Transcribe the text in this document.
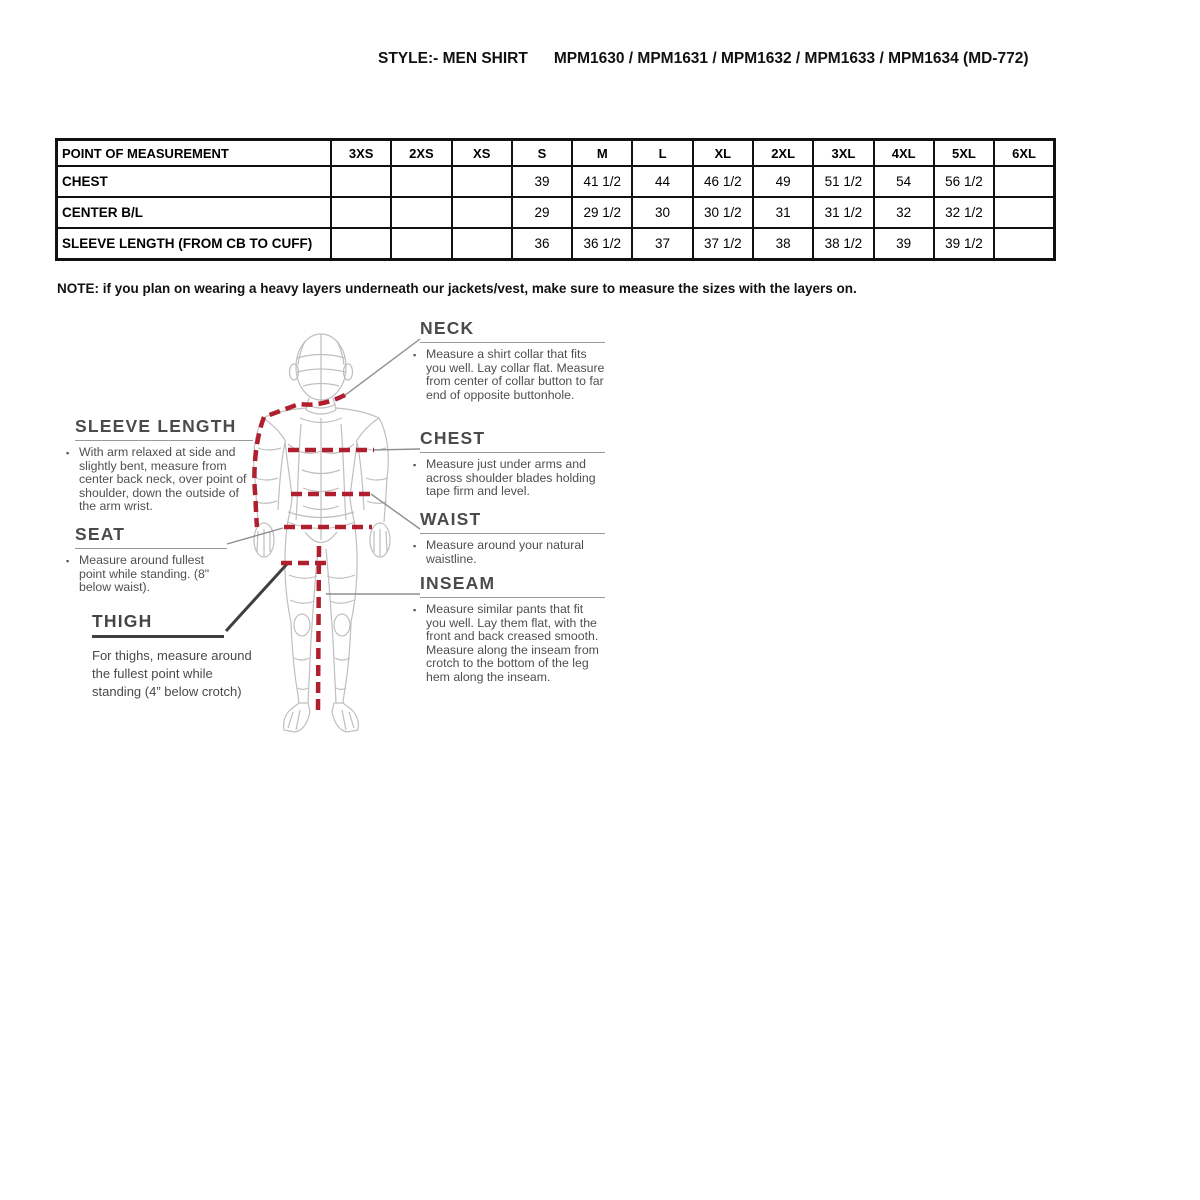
STYLE:- MEN SHIRT MPM1630 / MPM1631 / MPM1632 / MPM1633 / MPM1634 (MD-772)
POINT OF MEASUREMENT	3XS	2XS	XS	S	M	L	XL	2XL	3XL	4XL	5XL	6XL
CHEST				39	41 1/2	44	46 1/2	49	51 1/2	54	56 1/2	
CENTER B/L				29	29 1/2	30	30 1/2	31	31 1/2	32	32 1/2	
SLEEVE LENGTH (FROM CB TO CUFF)				36	36 1/2	37	37 1/2	38	38 1/2	39	39 1/2	
NOTE: if you plan on wearing a heavy layers underneath our jackets/vest, make sure to measure the sizes with the layers on.
SLEEVE LENGTH
▪ With arm relaxed at side and slightly bent, measure from center back neck, over point of shoulder, down the outside of the arm wrist.
SEAT
▪ Measure around fullest point while standing. (8" below waist).
THIGH
For thighs, measure around the fullest point while standing (4” below crotch)
NECK
▪ Measure a shirt collar that fits you well. Lay collar flat. Measure from center of collar button to far end of opposite buttonhole.
CHEST
▪ Measure just under arms and across shoulder blades holding tape firm and level.
WAIST
▪ Measure around your natural waistline.
INSEAM
▪ Measure similar pants that fit you well. Lay them flat, with the front and back creased smooth. Measure along the inseam from crotch to the bottom of the leg hem along the inseam.
